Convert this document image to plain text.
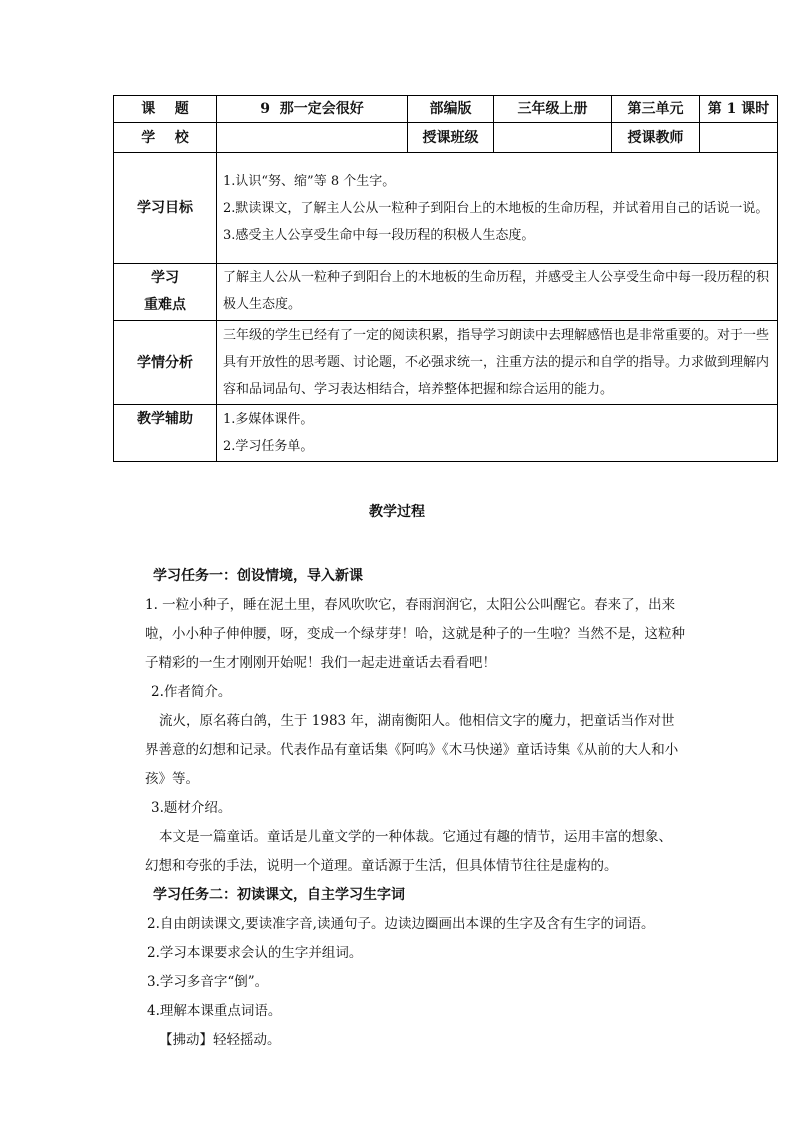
课    题	9  那一定会很好	部编版	三年级上册	第三单元	第 1 课时
学    校		授课班级		授课教师	
学习目标	1.认识“努、缩”等 8 个生字。
2.默读课文，了解主人公从一粒种子到阳台上的木地板的生命历程，并试着用自己的话说一说。
3.感受主人公享受生命中每一段历程的积极人生态度。				

学习
重难点	了解主人公从一粒种子到阳台上的木地板的生命历程，并感受主人公享受生命中每一段历程的积极人生态度。				
学情分析	三年级的学生已经有了一定的阅读积累，指导学习朗读中去理解感悟也是非常重要的。对于一些具有开放性的思考题、讨论题，不必强求统一，注重方法的提示和自学的指导。力求做到理解内容和品词品句、学习表达相结合，培养整体把握和综合运用的能力。				
教学辅助	1.多媒体课件。
2.学习任务单。				
教学过程

学习任务一：创设情境，导入新课

1. 一粒小种子，睡在泥土里，春风吹吹它，春雨润润它，太阳公公叫醒它。春来了，出来啦，小小种子伸伸腰，呀，变成一个绿芽芽！哈，这就是种子的一生啦？当然不是，这粒种子精彩的一生才刚刚开始呢！我们一起走进童话去看看吧！

2.作者简介。

流火，原名蒋白鸽，生于 1983 年，湖南衡阳人。他相信文字的魔力，把童话当作对世界善意的幻想和记录。代表作品有童话集《阿呜》《木马快递》童话诗集《从前的大人和小孩》等。

3.题材介绍。

本文是一篇童话。童话是儿童文学的一种体裁。它通过有趣的情节，运用丰富的想象、幻想和夸张的手法，说明一个道理。童话源于生活，但具体情节往往是虚构的。

学习任务二：初读课文，自主学习生字词

2.自由朗读课文,要读准字音,读通句子。边读边圈画出本课的生字及含有生字的词语。

2.学习本课要求会认的生字并组词。

3.学习多音字“倒”。

4.理解本课重点词语。

【拂动】轻轻摇动。
